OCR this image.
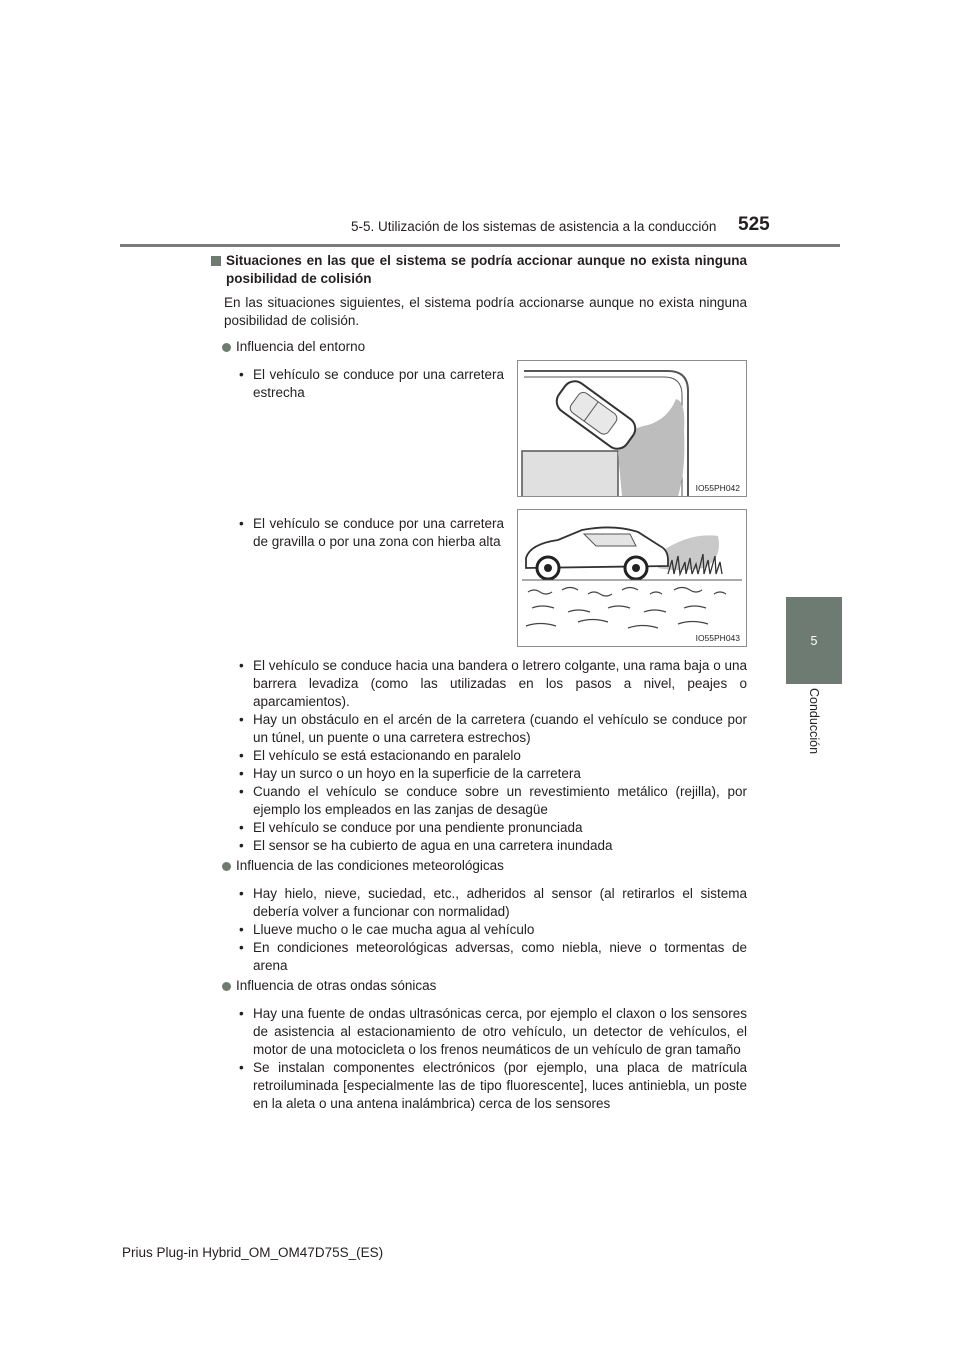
5-5. Utilización de los sistemas de asistencia a la conducción 525
5
Conducción
Situaciones en las que el sistema se podría accionar aunque no exista ninguna posibilidad de colisión

En las situaciones siguientes, el sistema podría accionarse aunque no exista ninguna posibilidad de colisión.

Influencia del entorno
• El vehículo se conduce por una carretera estrecha
IO55PH042
• El vehículo se conduce por una carretera de gravilla o por una zona con hierba alta
IO55PH043
• El vehículo se conduce hacia una bandera o letrero colgante, una rama baja o una barrera levadiza (como las utilizadas en los pasos a nivel, peajes o aparcamientos).
• Hay un obstáculo en el arcén de la carretera (cuando el vehículo se conduce por un túnel, un puente o una carretera estrechos)
• El vehículo se está estacionando en paralelo
• Hay un surco o un hoyo en la superficie de la carretera
• Cuando el vehículo se conduce sobre un revestimiento metálico (rejilla), por ejemplo los empleados en las zanjas de desagüe
• El vehículo se conduce por una pendiente pronunciada
• El sensor se ha cubierto de agua en una carretera inundada
Influencia de las condiciones meteorológicas
• Hay hielo, nieve, suciedad, etc., adheridos al sensor (al retirarlos el sistema debería volver a funcionar con normalidad)
• Llueve mucho o le cae mucha agua al vehículo
• En condiciones meteorológicas adversas, como niebla, nieve o tormentas de arena
Influencia de otras ondas sónicas
• Hay una fuente de ondas ultrasónicas cerca, por ejemplo el claxon o los sensores de asistencia al estacionamiento de otro vehículo, un detector de vehículos, el motor de una motocicleta o los frenos neumáticos de un vehículo de gran tamaño
• Se instalan componentes electrónicos (por ejemplo, una placa de matrícula retroiluminada [especialmente las de tipo fluorescente], luces antiniebla, un poste en la aleta o una antena inalámbrica) cerca de los sensores
Prius Plug-in Hybrid_OM_OM47D75S_(ES)
